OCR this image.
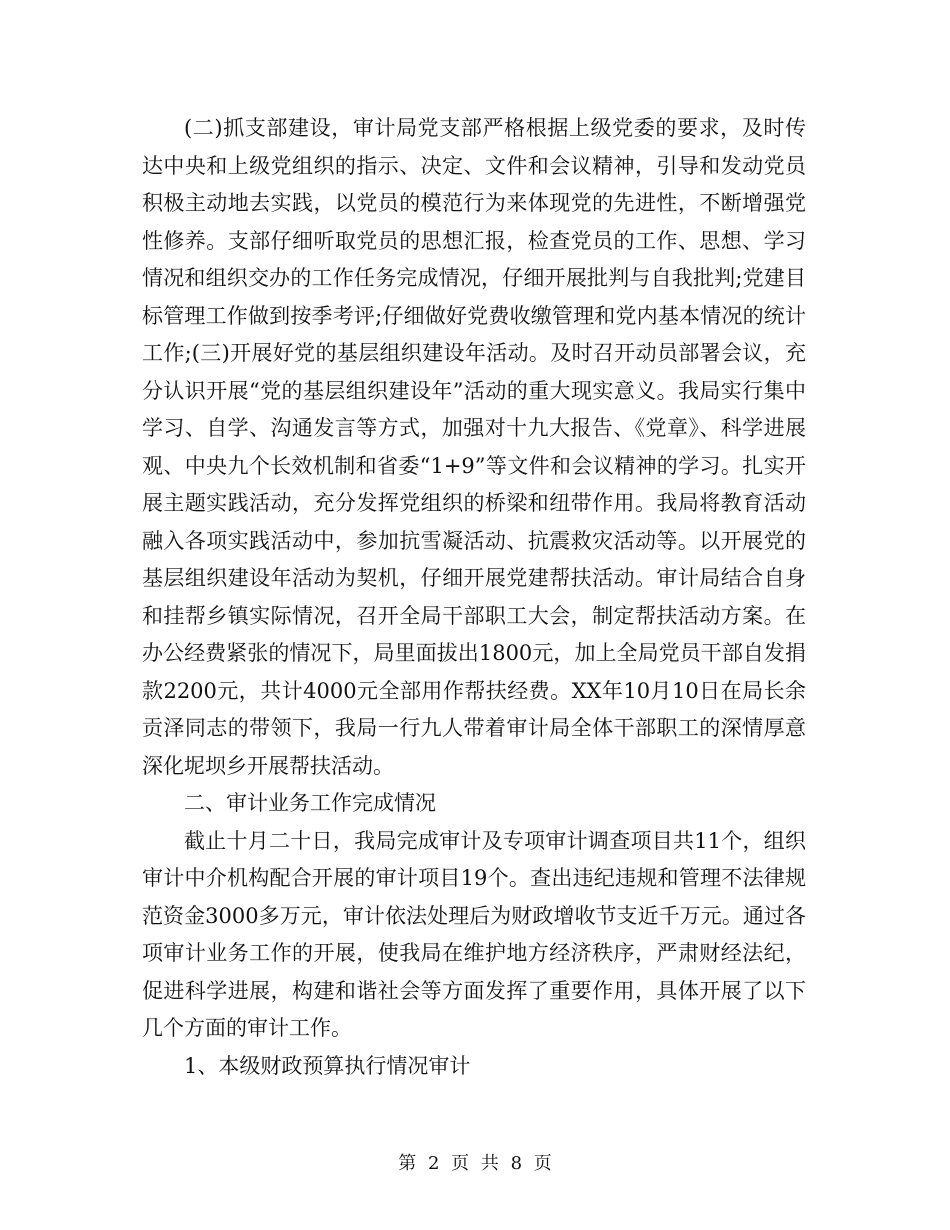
(二)抓支部建设，审计局党支部严格根据上级党委的要求，及时传达中央和上级党组织的指示、决定、文件和会议精神，引导和发动党员积极主动地去实践，以党员的模范行为来体现党的先进性，不断增强党性修养。支部仔细听取党员的思想汇报，检查党员的工作、思想、学习情况和组织交办的工作任务完成情况，仔细开展批判与自我批判;党建目标管理工作做到按季考评;仔细做好党费收缴管理和党内基本情况的统计工作;(三)开展好党的基层组织建设年活动。及时召开动员部署会议，充分认识开展“党的基层组织建设年”活动的重大现实意义。我局实行集中学习、自学、沟通发言等方式，加强对十九大报告、《党章》、科学进展观、中央九个长效机制和省委“1+9”等文件和会议精神的学习。扎实开展主题实践活动，充分发挥党组织的桥梁和纽带作用。我局将教育活动融入各项实践活动中，参加抗雪凝活动、抗震救灾活动等。以开展党的基层组织建设年活动为契机，仔细开展党建帮扶活动。审计局结合自身和挂帮乡镇实际情况，召开全局干部职工大会，制定帮扶活动方案。在办公经费紧张的情况下，局里面拔出1800元，加上全局党员干部自发捐款2200元，共计4000元全部用作帮扶经费。XX年10月10日在局长余贡泽同志的带领下，我局一行九人带着审计局全体干部职工的深情厚意深化坭坝乡开展帮扶活动。

二、审计业务工作完成情况

截止十月二十日，我局完成审计及专项审计调查项目共11个，组织审计中介机构配合开展的审计项目19个。查出违纪违规和管理不法律规范资金3000多万元，审计依法处理后为财政增收节支近千万元。通过各项审计业务工作的开展，使我局在维护地方经济秩序，严肃财经法纪，促进科学进展，构建和谐社会等方面发挥了重要作用，具体开展了以下几个方面的审计工作。

1、本级财政预算执行情况审计

第 2 页 共 8 页
